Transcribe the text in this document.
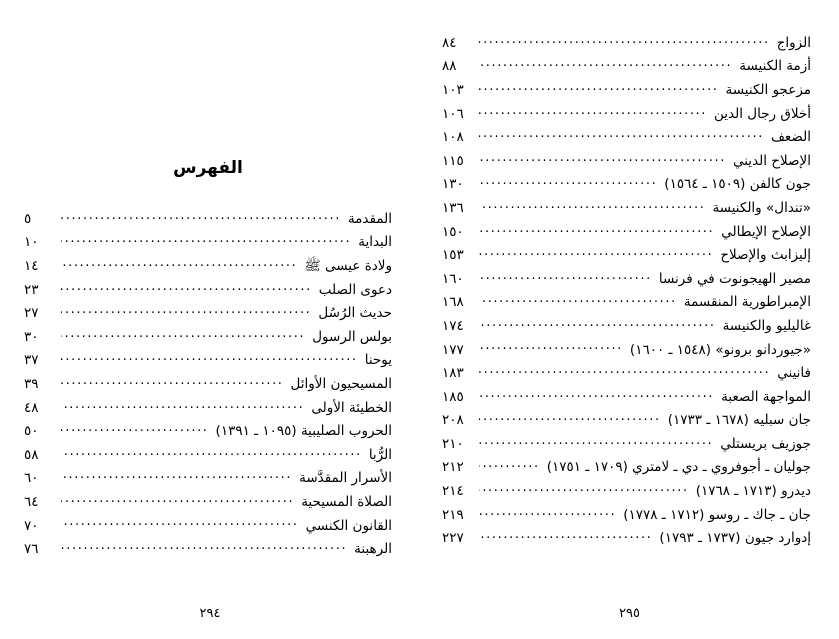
الزواج
.....
٨٤
أزمة الكنيسة
.....
٨٨
مزعجو الكنيسة
.....
١٠٣
أخلاق رجال الدين
.....
١٠٦
الضعف
.....
١٠٨
الإصلاح الديني
.....
١١٥
جون كالفن (١٥٠٩ ـ ١٥٦٤)
.....
١٣٠
«تندال» والكنيسة
.....
١٣٦
الإصلاح الإيطالي
.....
١٥٠
إليزابث والإصلاح
.....
١٥٣
مصير الهيجونوت في فرنسا
.....
١٦٠
الإمبراطورية المنقسمة
.....
١٦٨
غاليليو والكنيسة
.....
١٧٤
«جيوردانو برونو» (١٥٤٨ ـ ١٦٠٠)
.....
١٧٧
فانيني
.....
١٨٣
المواجهة الصعبة
.....
١٨٥
جان سبليه (١٦٧٨ ـ ١٧٣٣)
.....
٢٠٨
جوزيف بريستلي
.....
٢١٠
جوليان ـ أجوفروي ـ دي ـ لامتري (١٧٠٩ ـ ١٧٥١)
.....
٢١٢
ديدرو (١٧١٣ ـ ١٧٦٨)
.....
٢١٤
جان ـ جاك ـ روسو (١٧١٢ ـ ١٧٧٨)
.....
٢١٩
إدوارد جيون (١٧٣٧ ـ ١٧٩٣)
.....
٢٢٧
٢٩٥
الفهرس
المقدمة
.....
٥
البداية
.....
١٠
ولادة عيسى ﷺ
.....
١٤
دعوى الصلب
.....
٢٣
حديث الرُسُل
.....
٢٧
بولس الرسول
.....
٣٠
يوحنا
.....
٣٧
المسيحيون الأوائل
.....
٣٩
الخطيئة الأولى
.....
٤٨
الحروب الصليبية (١٠٩٥ ـ ١٣٩١)
.....
٥٠
الرُّبا
.....
٥٨
الأسرار المقدَّسة
.....
٦٠
الصلاة المسيحية
.....
٦٤
القانون الكنسي
.....
٧٠
الرهبنة
.....
٧٦
٢٩٤
